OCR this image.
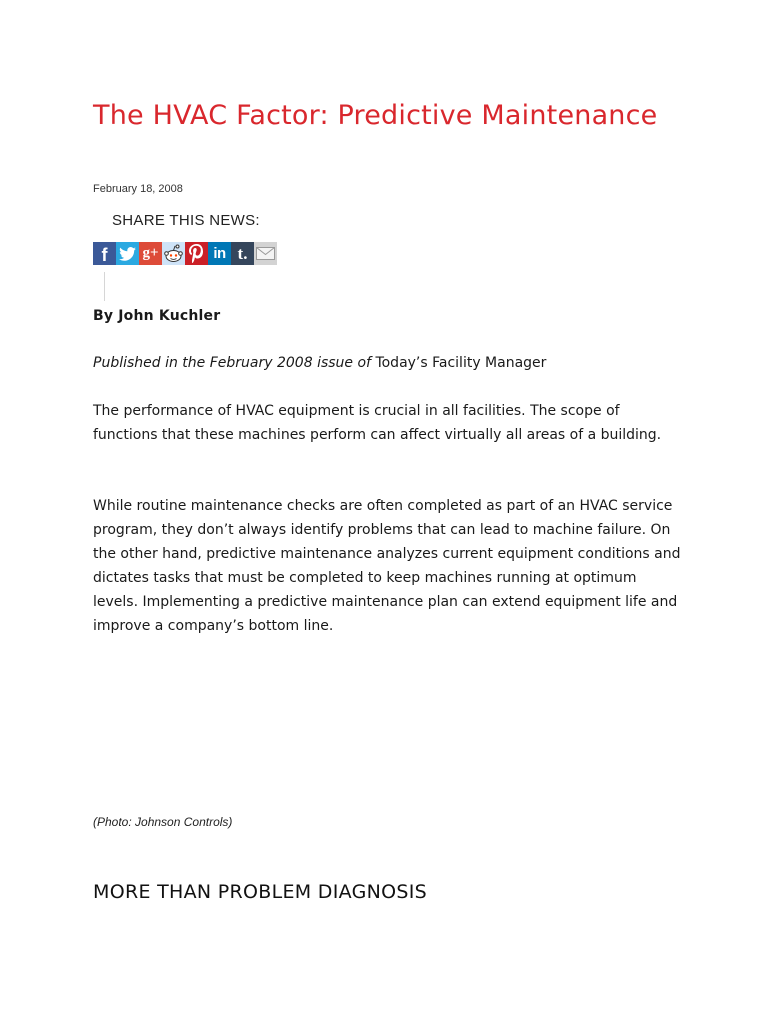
The HVAC Factor: Predictive Maintenance
February 18, 2008
SHARE THIS NEWS:
f g+	in t.
By John Kuchler
Published in the February 2008 issue of Today’s Facility Manager

The performance of HVAC equipment is crucial in all facilities. The scope of functions that these machines perform can affect virtually all areas of a building.

While routine maintenance checks are often completed as part of an HVAC service program, they don’t always identify problems that can lead to machine failure. On the other hand, predictive maintenance analyzes current equipment conditions and dictates tasks that must be completed to keep machines running at optimum levels. Implementing a predictive maintenance plan can extend equipment life and improve a company’s bottom line.

(Photo: Johnson Controls)
MORE THAN PROBLEM DIAGNOSIS
